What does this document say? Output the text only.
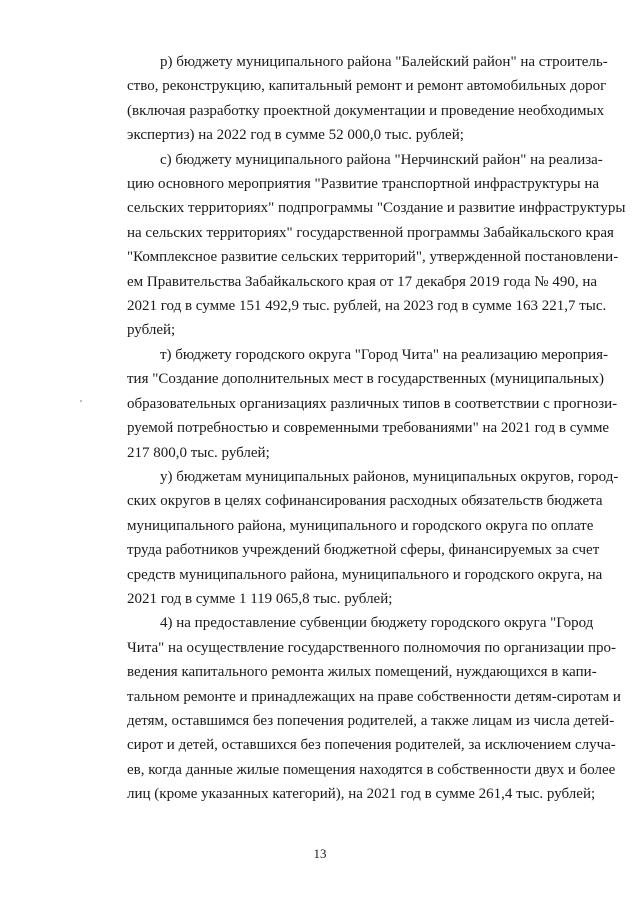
р) бюджету муниципального района "Балейский район" на строитель-
ство, реконструкцию, капитальный ремонт и ремонт автомобильных дорог
(включая разработку проектной документации и проведение необходимых
экспертиз) на 2022 год в сумме 52 000,0 тыс. рублей;
с) бюджету муниципального района "Нерчинский район" на реализа-
цию основного мероприятия "Развитие транспортной инфраструктуры на
сельских территориях" подпрограммы "Создание и развитие инфраструктуры
на сельских территориях" государственной программы Забайкальского края
"Комплексное развитие сельских территорий", утвержденной постановлени-
ем Правительства Забайкальского края от 17 декабря 2019 года № 490, на
2021 год в сумме 151 492,9 тыс. рублей, на 2023 год в сумме 163 221,7 тыс.
рублей;
т) бюджету городского округа "Город Чита" на реализацию мероприя-
тия "Создание дополнительных мест в государственных (муниципальных)
образовательных организациях различных типов в соответствии с прогнози-
руемой потребностью и современными требованиями" на 2021 год в сумме
217 800,0 тыс. рублей;
у) бюджетам муниципальных районов, муниципальных округов, город-
ских округов в целях софинансирования расходных обязательств бюджета
муниципального района, муниципального и городского округа по оплате
труда работников учреждений бюджетной сферы, финансируемых за счет
средств муниципального района, муниципального и городского округа, на
2021 год в сумме 1 119 065,8 тыс. рублей;
4) на предоставление субвенции бюджету городского округа "Город
Чита" на осуществление государственного полномочия по организации про-
ведения капитального ремонта жилых помещений, нуждающихся в капи-
тальном ремонте и принадлежащих на праве собственности детям-сиротам и
детям, оставшимся без попечения родителей, а также лицам из числа детей-
сирот и детей, оставшихся без попечения родителей, за исключением случа-
ев, когда данные жилые помещения находятся в собственности двух и более
лиц (кроме указанных категорий), на 2021 год в сумме 261,4 тыс. рублей;
13
